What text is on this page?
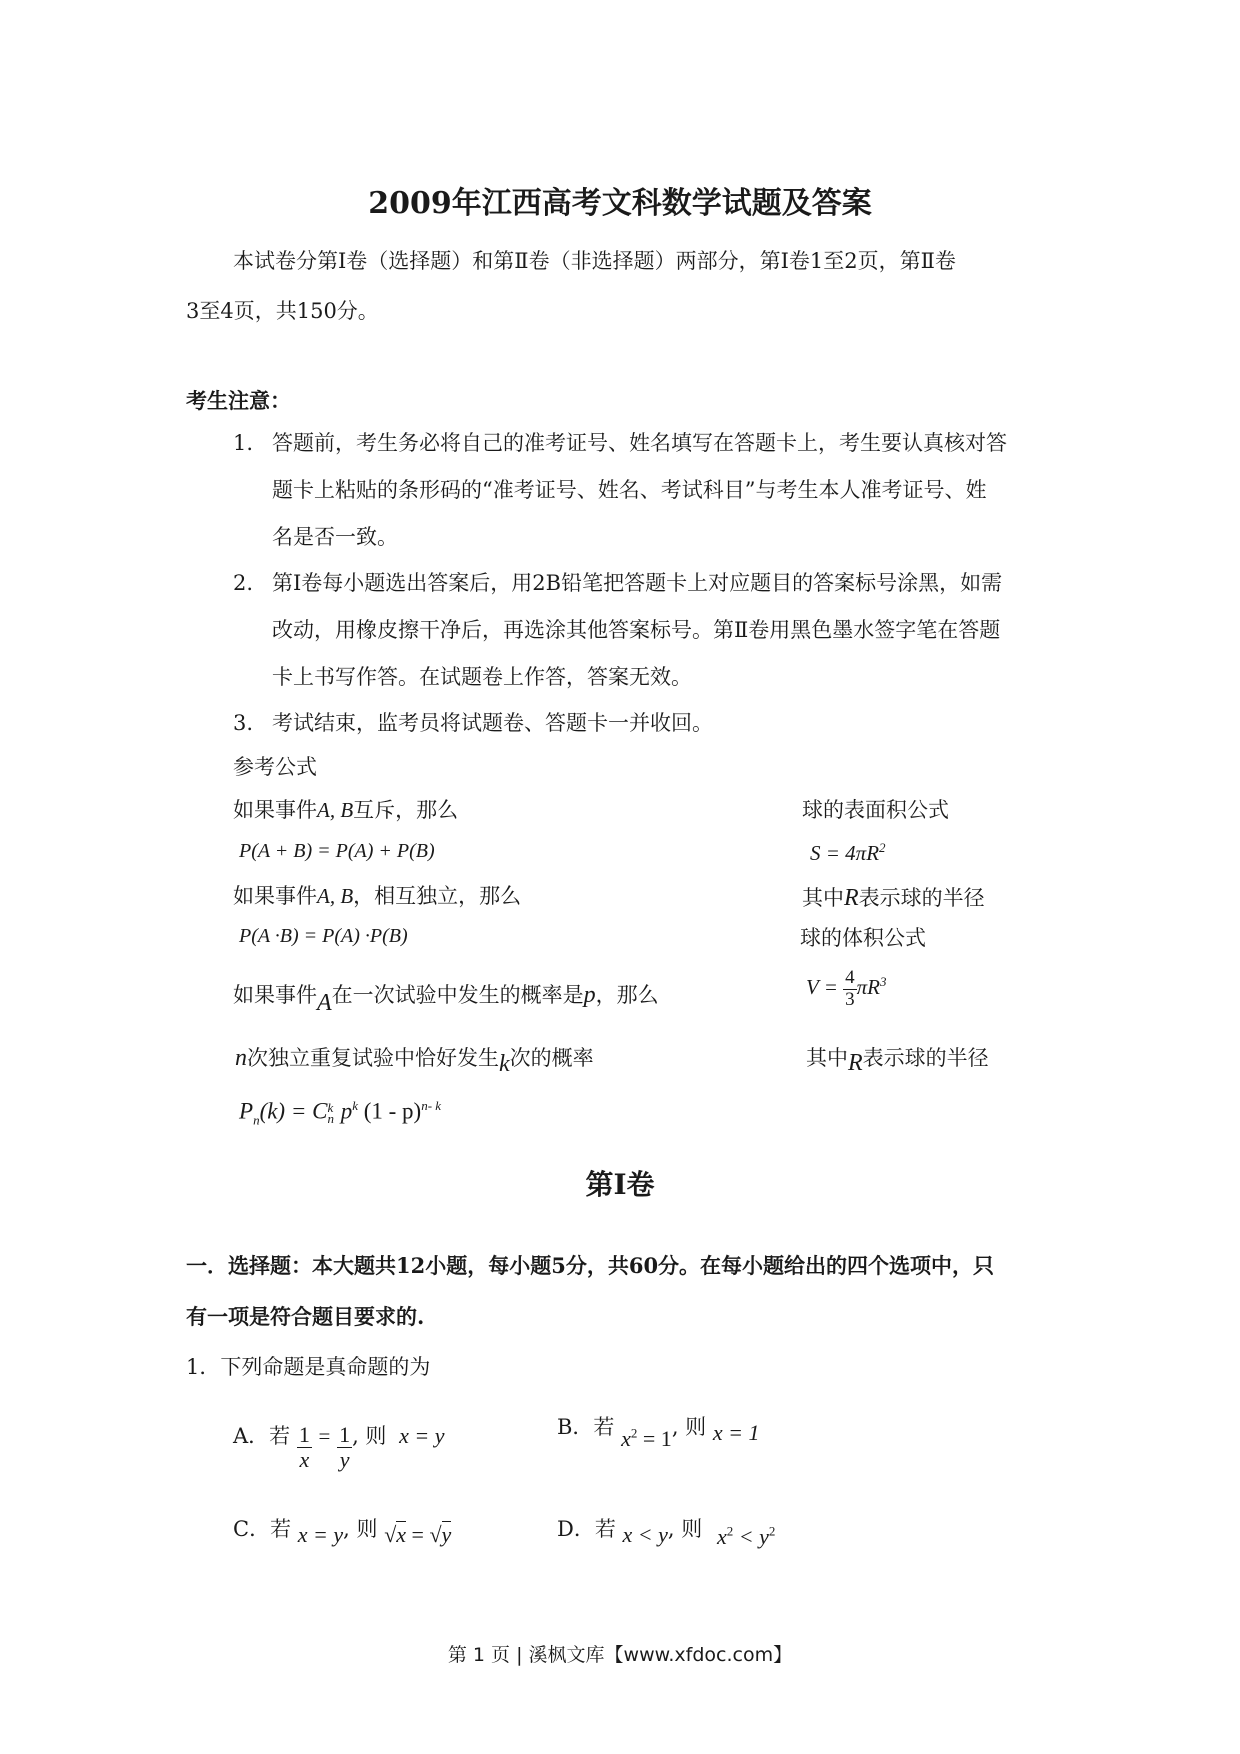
2009年江西高考文科数学试题及答案
本试卷分第Ⅰ卷（选择题）和第Ⅱ卷（非选择题）两部分，第Ⅰ卷1至2页，第Ⅱ卷
3至4页，共150分。
考生注意：
1. 答题前，考生务必将自己的准考证号、姓名填写在答题卡上，考生要认真核对答
题卡上粘贴的条形码的“准考证号、姓名、考试科目”与考生本人准考证号、姓
名是否一致。
2. 第Ⅰ卷每小题选出答案后，用2B铅笔把答题卡上对应题目的答案标号涂黑，如需
改动，用橡皮擦干净后，再选涂其他答案标号。第Ⅱ卷用黑色墨水签字笔在答题
卡上书写作答。在试题卷上作答，答案无效。
3. 考试结束，监考员将试题卷、答题卡一并收回。
参考公式
如果事件A, B互斥，那么
P(A + B) = P(A) + P(B)
如果事件A, B，相互独立，那么
P(A ·B) = P(A) ·P(B)
如果事件A在一次试验中发生的概率是p，那么
n次独立重复试验中恰好发生k次的概率
$P_n(k) = C$ k
n $p^k$ (1 - p)$^{n- k}$
球的表面积公式
$S = 4\pi R^2$
其中R表示球的半径
球的体积公式
$V = \frac{4}{3} \pi R^3$
其中R表示球的半径
第Ⅰ卷
一．选择题：本大题共12小题，每小题5分，共60分。在每小题给出的四个选项中，只
有一项是符合题目要求的.
1．下列命题是真命题的为
A．若 $\frac{1}{x} = \frac{1}{y}$ , 则 x = y	B．若 $x^2 = 1$, 则 x = 1
C．若 x = y, 则 √x = √y	D．若 x < y, 则 $x^2 < y^2$
第 1 页 | 溪枫文库【www.xfdoc.com】
